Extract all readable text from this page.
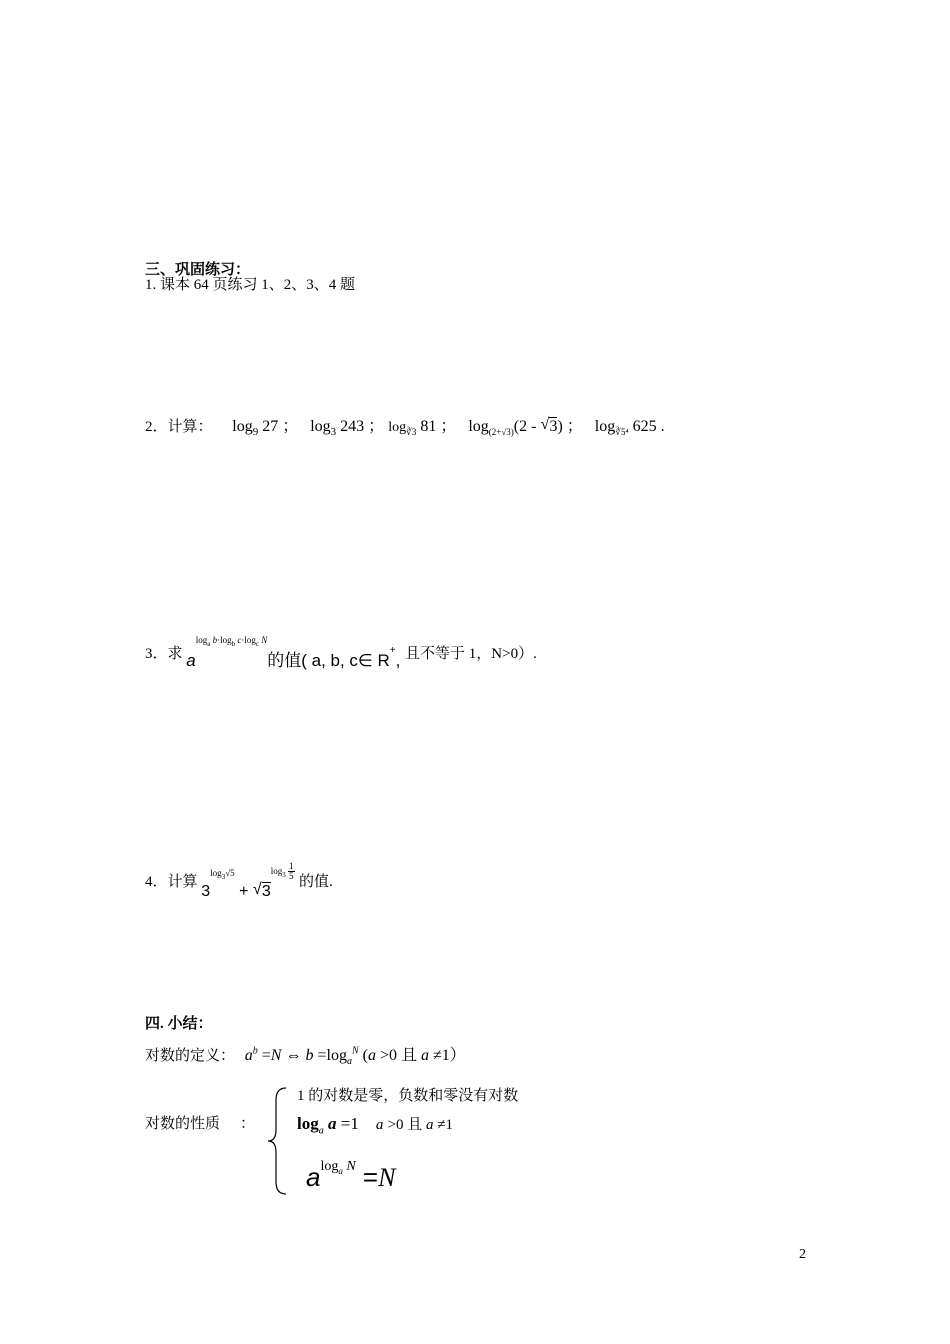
三、巩固练习：
1. 课本 64 页练习 1、2、3、4 题
2．计算： $\log_9 27$ ；   $\log_3 243$ ； $\log_{∛3} 81$ ；   $\log_{(2+√3)}(2$ - √ 3) ；   $\log_{∛5^4} 625$ .
3．求 $a^{log_a b\cdot log_b c\cdot log_c N}$的值( a, b, c∈ R+, 且不等于 1，N>0）.
4．计算 $3^{log_3√5}$ + √ $3^{log_3 \frac{1}{5}}$
的值.
四. 小结：
对数的定义： $a^b =N$ ⇔ $b =\log_a^N$ (a >0 且 a ≠1）
对数的性质 ：
1 的对数是零，负数和零没有对数
$\log_a a =1$    a >0 且 a ≠1
$a^{log_a N} =N$
2
